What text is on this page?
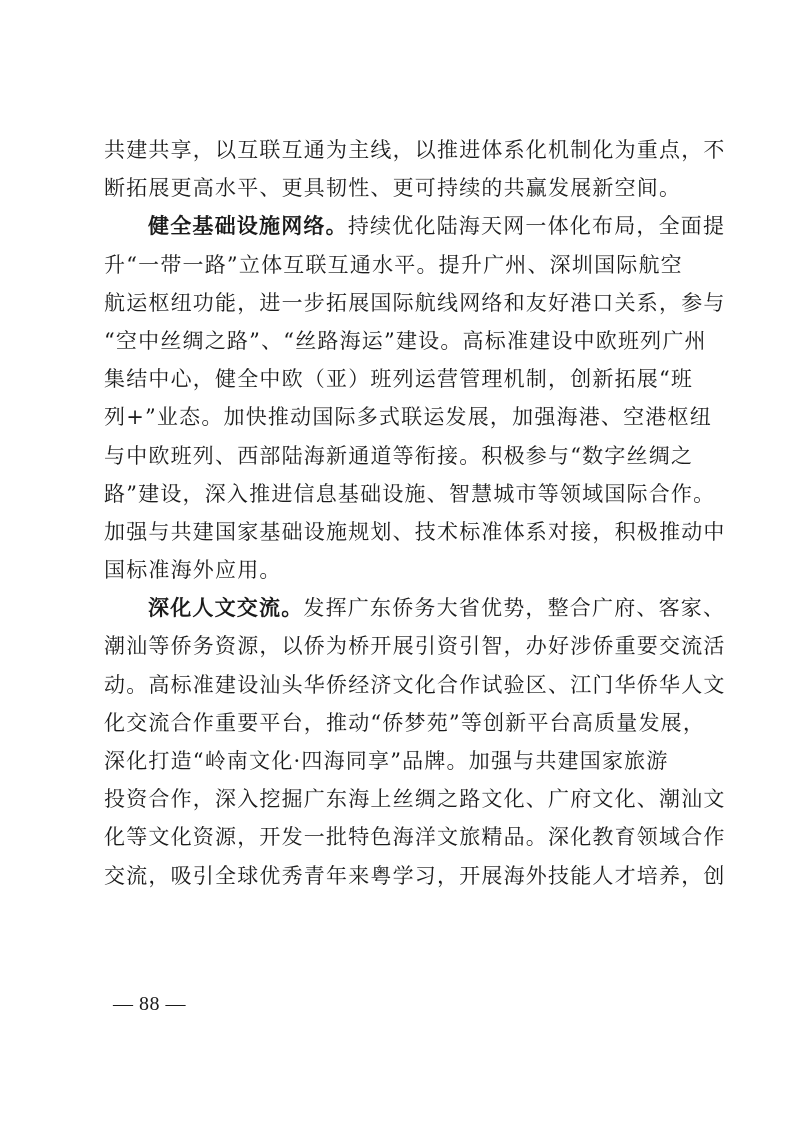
共建共享，以互联互通为主线，以推进体系化机制化为重点，不
断拓展更高水平、更具韧性、更可持续的共赢发展新空间。
健全基础设施网络。持续优化陆海天网一体化布局，全面提
升“一带一路”立体互联互通水平。提升广州、深圳国际航空
航运枢纽功能，进一步拓展国际航线网络和友好港口关系，参与
“空中丝绸之路”、“丝路海运”建设。高标准建设中欧班列广州
集结中心，健全中欧（亚）班列运营管理机制，创新拓展“班
列+”业态。加快推动国际多式联运发展，加强海港、空港枢纽
与中欧班列、西部陆海新通道等衔接。积极参与“数字丝绸之
路”建设，深入推进信息基础设施、智慧城市等领域国际合作。
加强与共建国家基础设施规划、技术标准体系对接，积极推动中
国标准海外应用。
深化人文交流。发挥广东侨务大省优势，整合广府、客家、
潮汕等侨务资源，以侨为桥开展引资引智，办好涉侨重要交流活
动。高标准建设汕头华侨经济文化合作试验区、江门华侨华人文
化交流合作重要平台，推动“侨梦苑”等创新平台高质量发展，
深化打造“岭南文化·四海同享”品牌。加强与共建国家旅游
投资合作，深入挖掘广东海上丝绸之路文化、广府文化、潮汕文
化等文化资源，开发一批特色海洋文旅精品。深化教育领域合作
交流，吸引全球优秀青年来粤学习，开展海外技能人才培养，创
— 88 —
